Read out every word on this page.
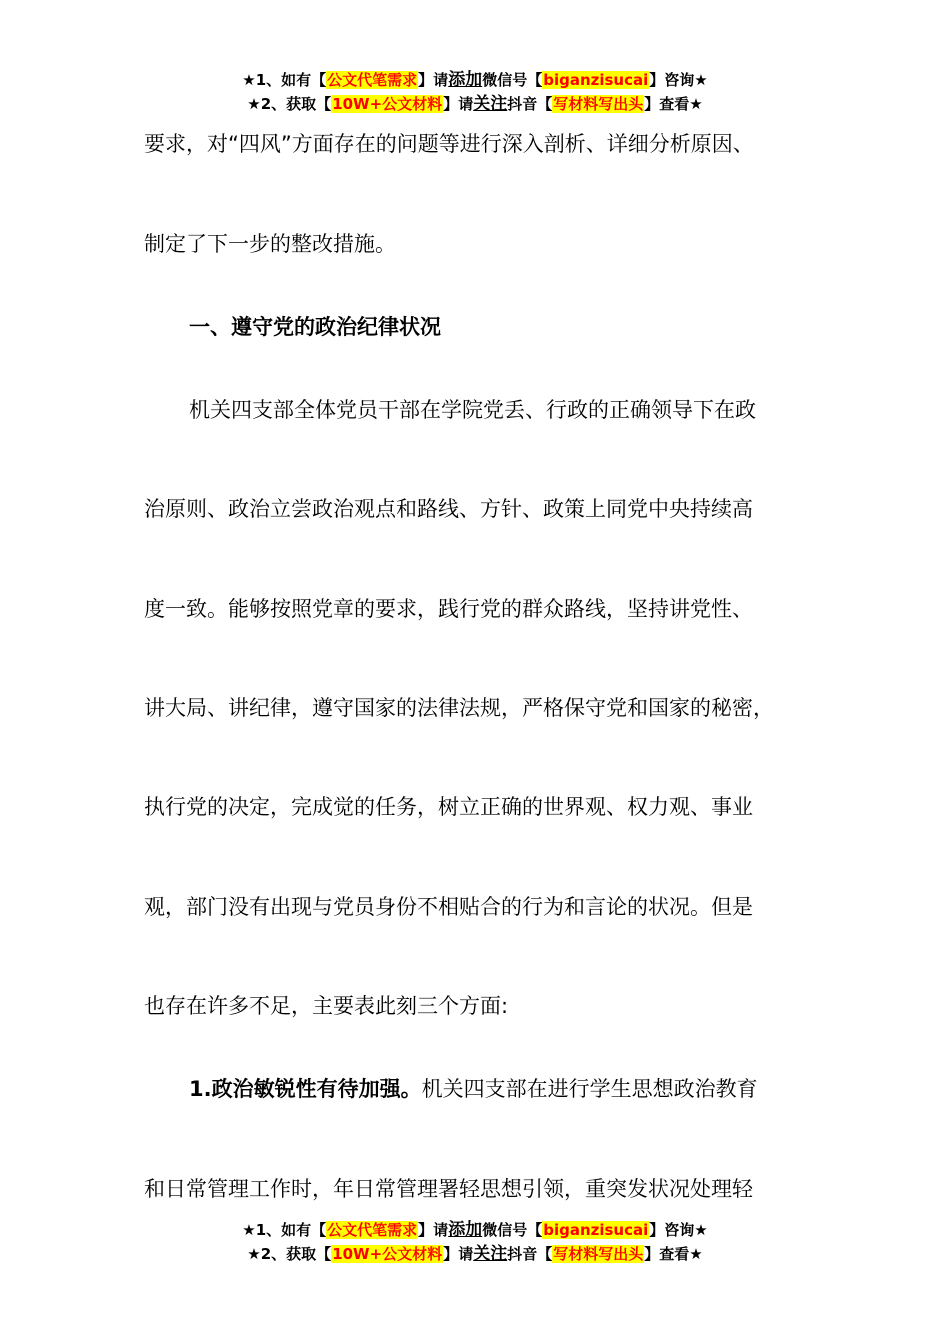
★1、如有【公文代笔需求】请添加微信号【biganzisucai】咨询★
★2、获取【10W+公文材料】请关注抖音【写材料写出头】查看★
要求，对“四风”方面存在的问题等进行深入剖析、详细分析原因、
制定了下一步的整改措施。
一、遵守党的政治纪律状况
机关四支部全体党员干部在学院党丢、行政的正确领导下在政
治原则、政治立尝政治观点和路线、方针、政策上同党中央持续高
度一致。能够按照党章的要求，践行党的群众路线，坚持讲党性、
讲大局、讲纪律，遵守国家的法律法规，严格保守党和国家的秘密，
执行党的决定，完成觉的任务，树立正确的世界观、权力观、事业
观，部门没有出现与党员身份不相贴合的行为和言论的状况。但是
也存在许多不足，主要表此刻三个方面:
1.政治敏锐性有待加强。机关四支部在进行学生思想政治教育
和日常管理工作时，年日常管理署轻思想引领，重突发状况处理轻
★1、如有【公文代笔需求】请添加微信号【biganzisucai】咨询★
★2、获取【10W+公文材料】请关注抖音【写材料写出头】查看★
